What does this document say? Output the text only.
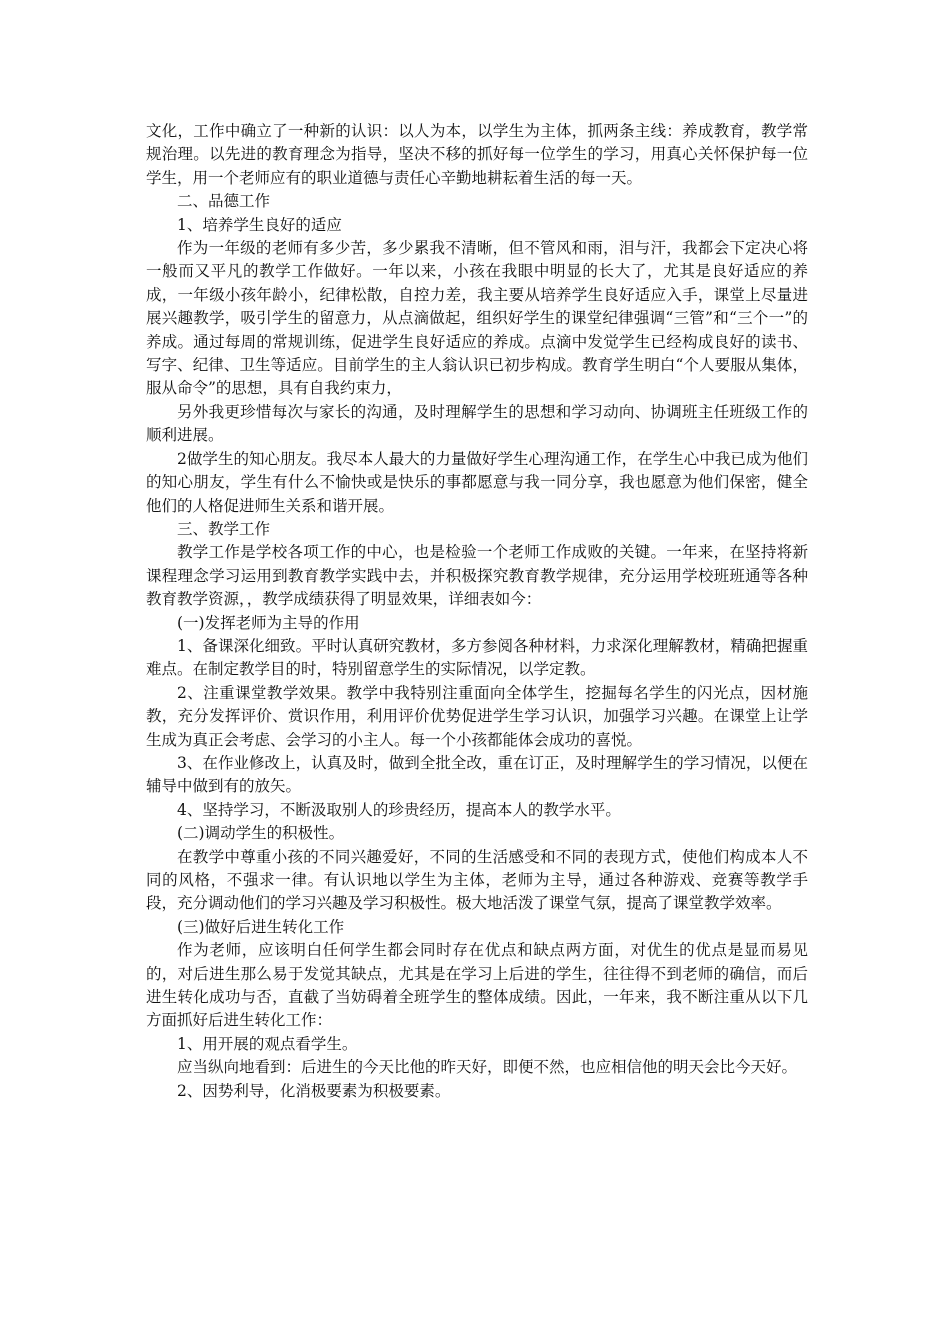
文化，工作中确立了一种新的认识：以人为本，以学生为主体，抓两条主线：养成教育，教学常规治理。以先进的教育理念为指导，坚决不移的抓好每一位学生的学习，用真心关怀保护每一位学生，用一个老师应有的职业道德与责任心辛勤地耕耘着生活的每一天。

二、品德工作

1、培养学生良好的适应

作为一年级的老师有多少苦，多少累我不清晰，但不管风和雨，泪与汗，我都会下定决心将一般而又平凡的教学工作做好。一年以来，小孩在我眼中明显的长大了，尤其是良好适应的养成，一年级小孩年龄小，纪律松散，自控力差，我主要从培养学生良好适应入手，课堂上尽量进展兴趣教学，吸引学生的留意力，从点滴做起，组织好学生的课堂纪律强调“三管”和“三个一”的养成。通过每周的常规训练，促进学生良好适应的养成。点滴中发觉学生已经构成良好的读书、写字、纪律、卫生等适应。目前学生的主人翁认识已初步构成。教育学生明白“个人要服从集体，服从命令”的思想，具有自我约束力，

另外我更珍惜每次与家长的沟通，及时理解学生的思想和学习动向、协调班主任班级工作的顺利进展。

2做学生的知心朋友。我尽本人最大的力量做好学生心理沟通工作，在学生心中我已成为他们的知心朋友，学生有什么不愉快或是快乐的事都愿意与我一同分享，我也愿意为他们保密，健全他们的人格促进师生关系和谐开展。

三、教学工作

教学工作是学校各项工作的中心，也是检验一个老师工作成败的关键。一年来，在坚持将新课程理念学习运用到教育教学实践中去，并积极探究教育教学规律，充分运用学校班班通等各种教育教学资源，，教学成绩获得了明显效果，详细表如今：

(一)发挥老师为主导的作用

1、备课深化细致。平时认真研究教材，多方参阅各种材料，力求深化理解教材，精确把握重难点。在制定教学目的时，特别留意学生的实际情况，以学定教。

2、注重课堂教学效果。教学中我特别注重面向全体学生，挖掘每名学生的闪光点，因材施教，充分发挥评价、赏识作用，利用评价优势促进学生学习认识，加强学习兴趣。在课堂上让学生成为真正会考虑、会学习的小主人。每一个小孩都能体会成功的喜悦。

3、在作业修改上，认真及时，做到全批全改，重在订正，及时理解学生的学习情况，以便在辅导中做到有的放矢。

4、坚持学习，不断汲取别人的珍贵经历，提高本人的教学水平。

(二)调动学生的积极性。

在教学中尊重小孩的不同兴趣爱好，不同的生活感受和不同的表现方式，使他们构成本人不同的风格，不强求一律。有认识地以学生为主体，老师为主导，通过各种游戏、竞赛等教学手段，充分调动他们的学习兴趣及学习积极性。极大地活泼了课堂气氛，提高了课堂教学效率。

(三)做好后进生转化工作

作为老师，应该明白任何学生都会同时存在优点和缺点两方面，对优生的优点是显而易见的，对后进生那么易于发觉其缺点，尤其是在学习上后进的学生，往往得不到老师的确信，而后进生转化成功与否，直截了当妨碍着全班学生的整体成绩。因此，一年来，我不断注重从以下几方面抓好后进生转化工作：

1、用开展的观点看学生。

应当纵向地看到：后进生的今天比他的昨天好，即便不然，也应相信他的明天会比今天好。

2、因势利导，化消极要素为积极要素。
